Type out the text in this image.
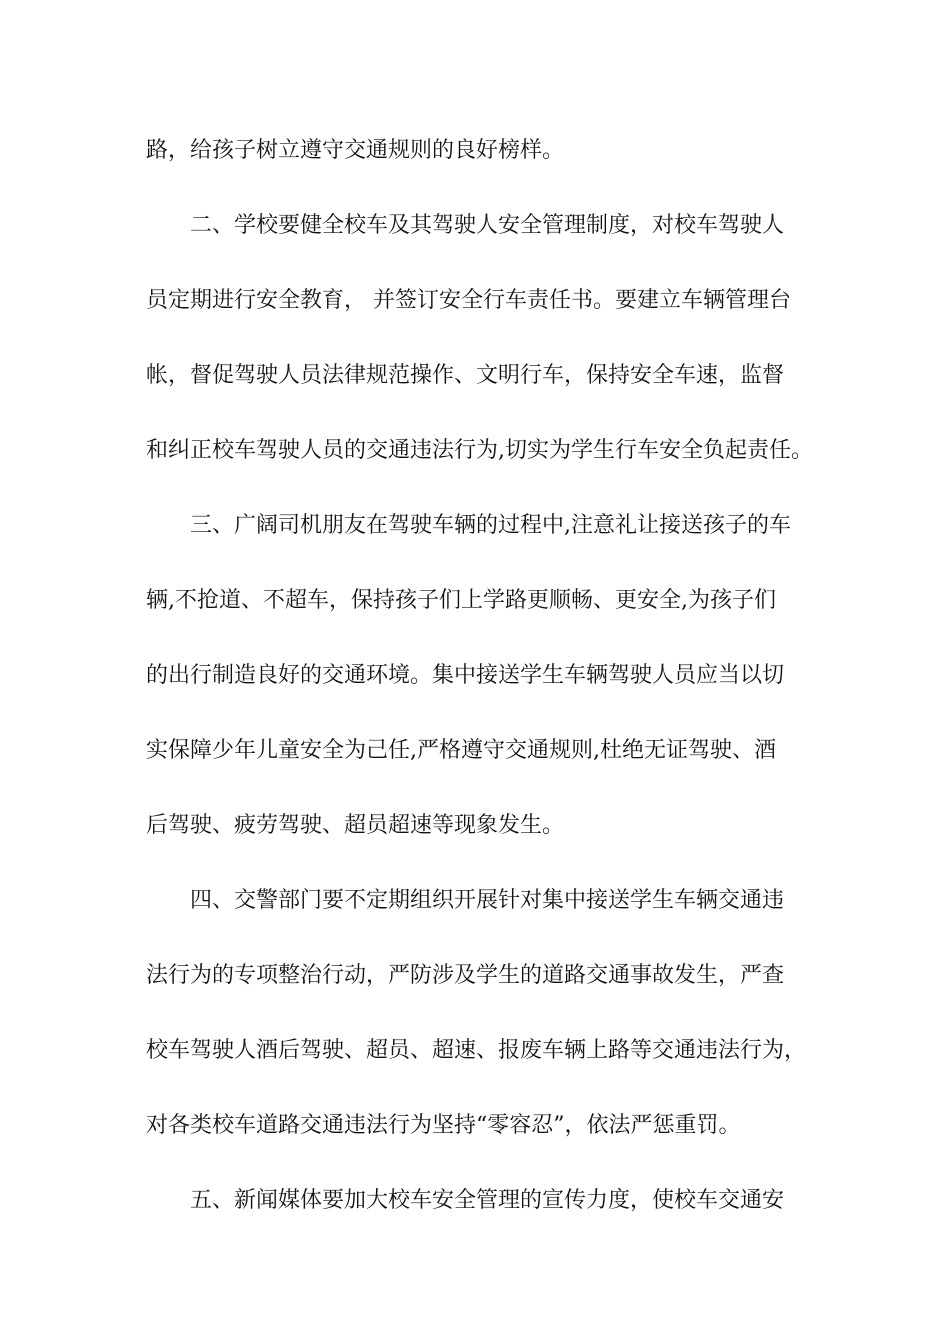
路，给孩子树立遵守交通规则的良好榜样。
二、学校要健全校车及其驾驶人安全管理制度，对校车驾驶人
员定期进行安全教育， 并签订安全行车责任书。要建立车辆管理台
帐，督促驾驶人员法律规范操作、文明行车，保持安全车速，监督
和纠正校车驾驶人员的交通违法行为,切实为学生行车安全负起责任。
三、广阔司机朋友在驾驶车辆的过程中,注意礼让接送孩子的车
辆,不抢道、不超车，保持孩子们上学路更顺畅、更安全,为孩子们
的出行制造良好的交通环境。集中接送学生车辆驾驶人员应当以切
实保障少年儿童安全为己任,严格遵守交通规则,杜绝无证驾驶、酒
后驾驶、疲劳驾驶、超员超速等现象发生。
四、交警部门要不定期组织开展针对集中接送学生车辆交通违
法行为的专项整治行动，严防涉及学生的道路交通事故发生，严查
校车驾驶人酒后驾驶、超员、超速、报废车辆上路等交通违法行为，
对各类校车道路交通违法行为坚持“零容忍”，依法严惩重罚。
五、新闻媒体要加大校车安全管理的宣传力度，使校车交通安
